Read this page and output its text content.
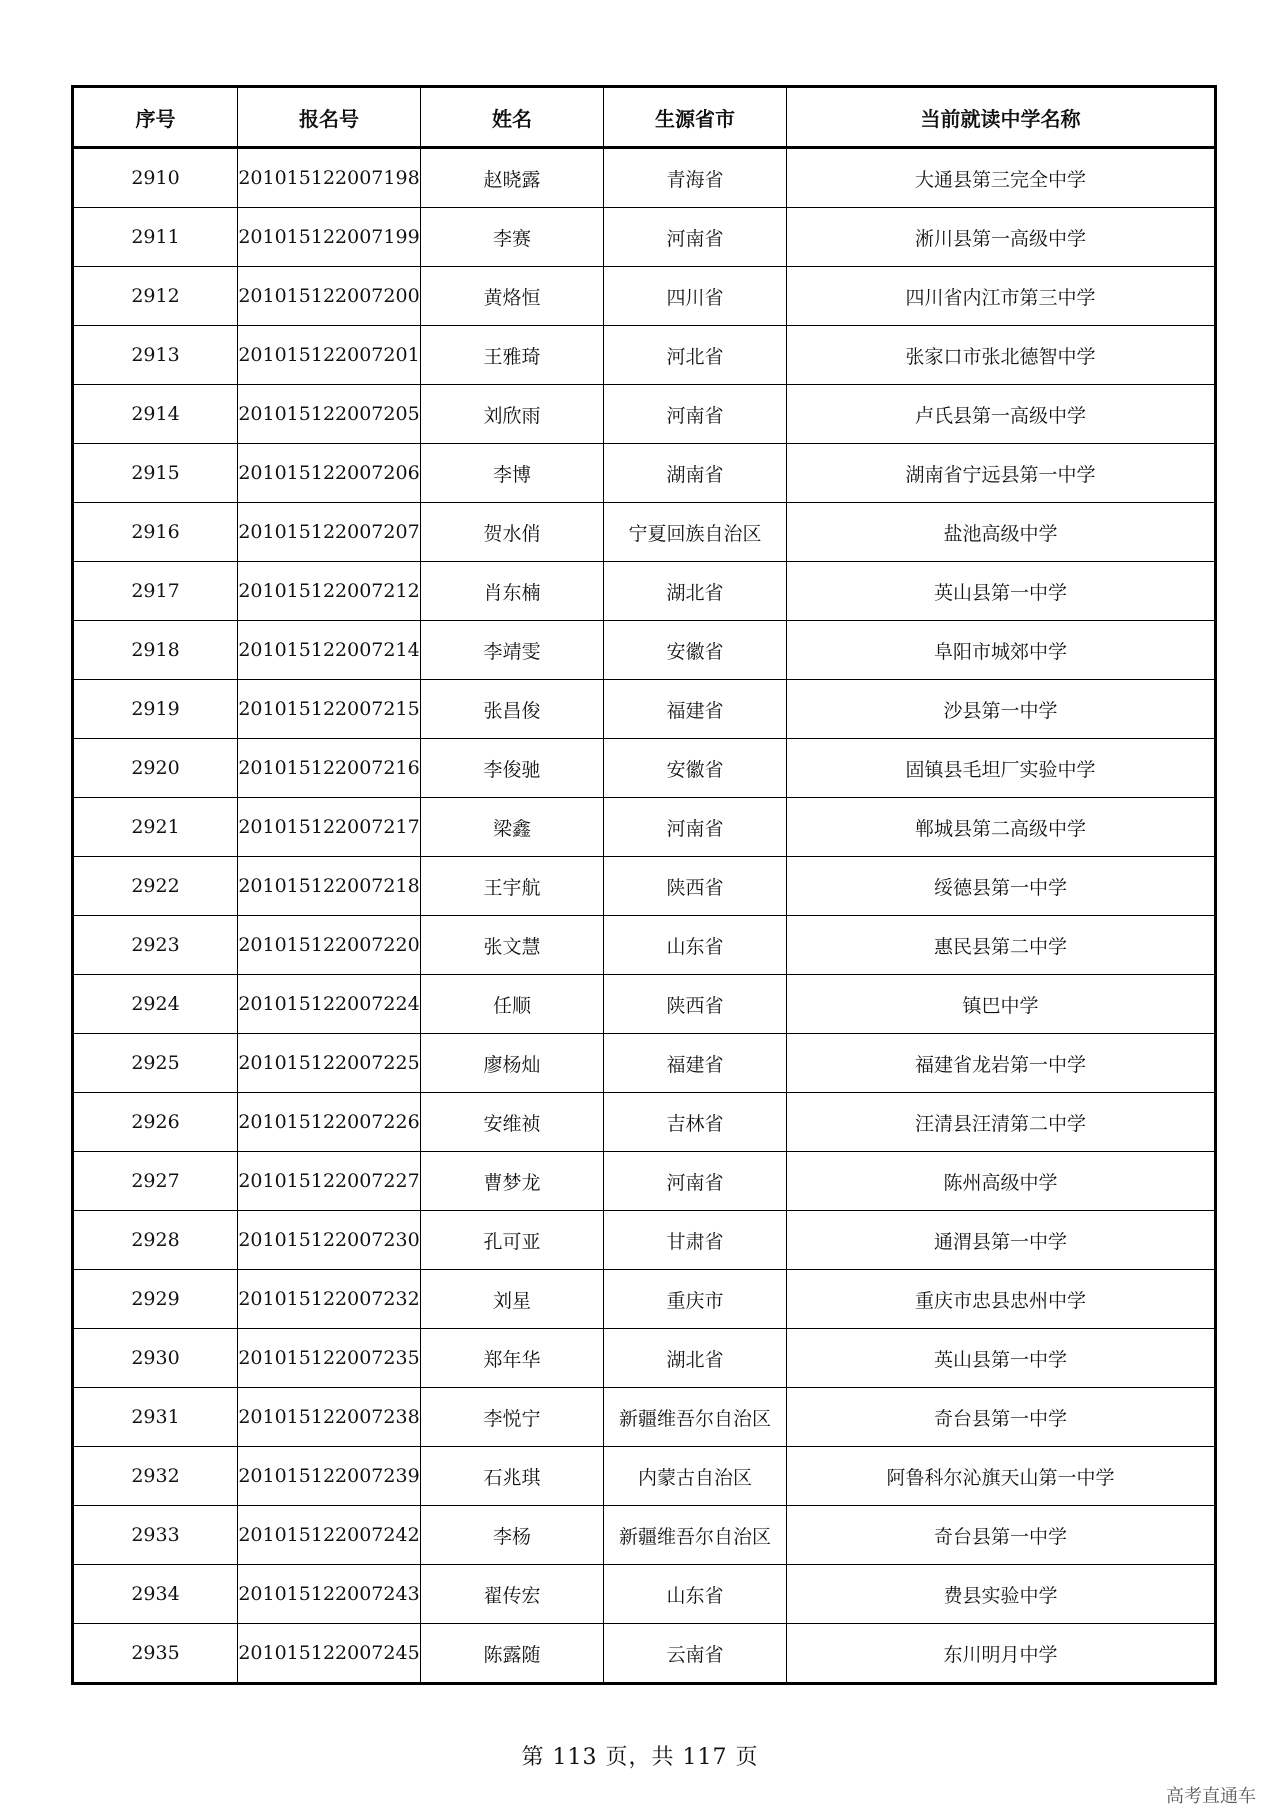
序号	报名号	姓名	生源省市	当前就读中学名称
2910	201015122007198	赵晓露	青海省	大通县第三完全中学
2911	201015122007199	李赛	河南省	淅川县第一高级中学
2912	201015122007200	黄烙恒	四川省	四川省内江市第三中学
2913	201015122007201	王雅琦	河北省	张家口市张北德智中学
2914	201015122007205	刘欣雨	河南省	卢氏县第一高级中学
2915	201015122007206	李博	湖南省	湖南省宁远县第一中学
2916	201015122007207	贺水俏	宁夏回族自治区	盐池高级中学
2917	201015122007212	肖东楠	湖北省	英山县第一中学
2918	201015122007214	李靖雯	安徽省	阜阳市城郊中学
2919	201015122007215	张昌俊	福建省	沙县第一中学
2920	201015122007216	李俊驰	安徽省	固镇县毛坦厂实验中学
2921	201015122007217	梁鑫	河南省	郸城县第二高级中学
2922	201015122007218	王宇航	陕西省	绥德县第一中学
2923	201015122007220	张文慧	山东省	惠民县第二中学
2924	201015122007224	任顺	陕西省	镇巴中学
2925	201015122007225	廖杨灿	福建省	福建省龙岩第一中学
2926	201015122007226	安维祯	吉林省	汪清县汪清第二中学
2927	201015122007227	曹梦龙	河南省	陈州高级中学
2928	201015122007230	孔可亚	甘肃省	通渭县第一中学
2929	201015122007232	刘星	重庆市	重庆市忠县忠州中学
2930	201015122007235	郑年华	湖北省	英山县第一中学
2931	201015122007238	李悦宁	新疆维吾尔自治区	奇台县第一中学
2932	201015122007239	石兆琪	内蒙古自治区	阿鲁科尔沁旗天山第一中学
2933	201015122007242	李杨	新疆维吾尔自治区	奇台县第一中学
2934	201015122007243	翟传宏	山东省	费县实验中学
2935	201015122007245	陈露随	云南省	东川明月中学
第 113 页，共 117 页
高考直通车
